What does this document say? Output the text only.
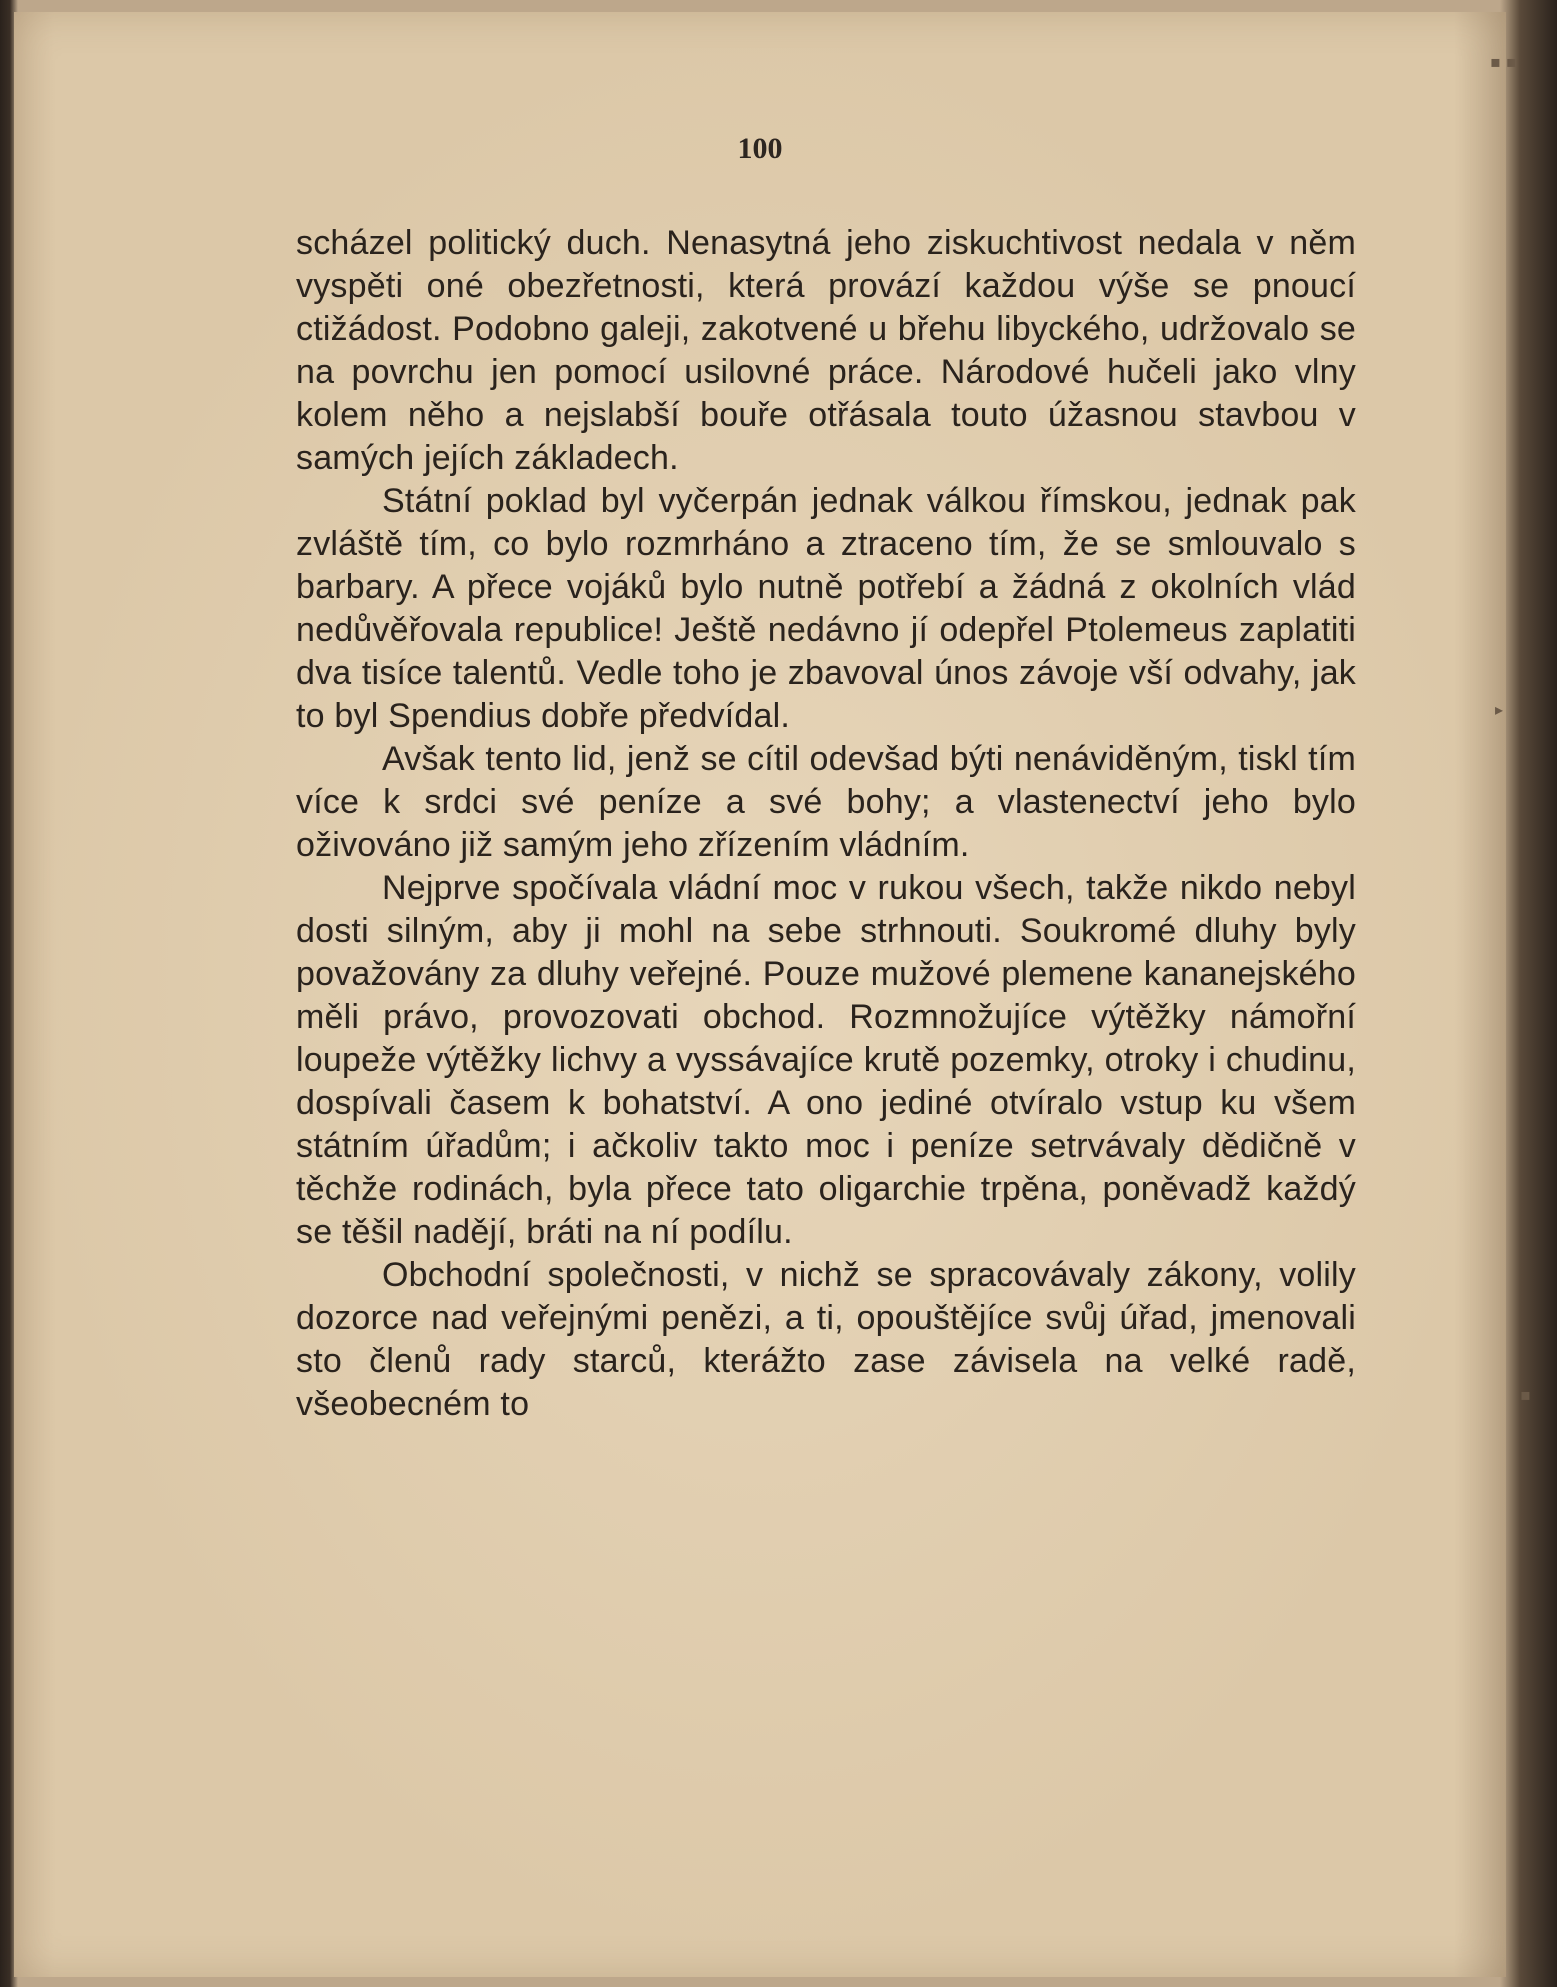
100

scházel politický duch. Nenasytná jeho ziskuchtivost nedala v něm vyspěti oné obezřetnosti, která provází každou výše se pnoucí ctižádost. Podobno galeji, zakotvené u břehu libyckého, udržovalo se na povrchu jen pomocí usilovné práce. Národové hučeli jako vlny kolem něho a nejslabší bouře otřásala touto úžasnou stavbou v samých jejích základech.

Státní poklad byl vyčerpán jednak válkou římskou, jednak pak zvláště tím, co bylo rozmrháno a ztraceno tím, že se smlouvalo s barbary. A přece vojáků bylo nutně potřebí a žádná z okolních vlád nedůvěřovala republice! Ještě nedávno jí odepřel Ptolemeus zaplatiti dva tisíce talentů. Vedle toho je zbavoval únos závoje vší odvahy, jak to byl Spendius dobře předvídal.

Avšak tento lid, jenž se cítil odevšad býti nenáviděným, tiskl tím více k srdci své peníze a své bohy; a vlastenectví jeho bylo oživováno již samým jeho zřízením vládním.

Nejprve spočívala vládní moc v rukou všech, takže nikdo nebyl dosti silným, aby ji mohl na sebe strhnouti. Soukromé dluhy byly považovány za dluhy veřejné. Pouze mužové plemene kananejského měli právo, provozovati obchod. Rozmnožujíce výtěžky námořní loupeže výtěžky lichvy a vyssávajíce krutě pozemky, otroky i chudinu, dospívali časem k bohatství. A ono jediné otvíralo vstup ku všem státním úřadům; i ačkoliv takto moc i peníze setrvávaly dědičně v těchže rodinách, byla přece tato oligarchie trpěna, poněvadž každý se těšil nadějí, bráti na ní podílu.

Obchodní společnosti, v nichž se spracovávaly zákony, volily dozorce nad veřejnými penězi, a ti, opouštějíce svůj úřad, jmenovali sto členů rady starců, kterážto zase závisela na velké radě, všeobecném to

▪ ▪
▸
▪
